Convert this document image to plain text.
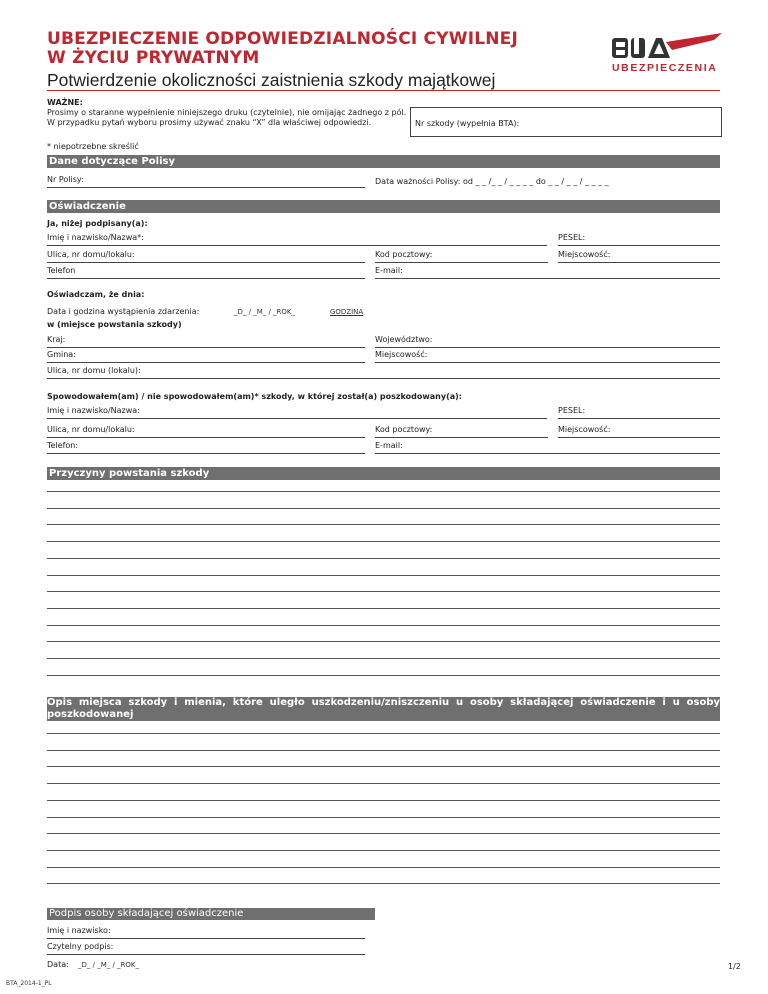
UBEZPIECZENIE ODPOWIEDZIALNOŚCI CYWILNEJ
W ŻYCIU PRYWATNYM
Potwierdzenie okoliczności zaistnienia szkody majątkowej
UBEZPIECZENIA
WAŻNE:
Prosimy o staranne wypełnienie niniejszego druku (czytelnie), nie omijając żadnego z pól.
W przypadku pytań wyboru prosimy używać znaku “X” dla właściwej odpowiedzi.	Nr szkody (wypełnia BTA):
* niepotrzebne skreślić
Dane dotyczące Polisy
Nr Polisy:	Data ważności Polisy: od _ _ /_ _ / _ _ _ _ do _ _ / _ _ / _ _ _ _
Oświadczenie
Ja, niżej podpisany(a):
Imię i nazwisko/Nazwa*:	PESEL:
Ulica, nr domu/lokalu:	Kod pocztowy:	Miejscowość:
Telefon	E-mail:
Oświadczam, że dnia:
Data i godzina wystąpienia zdarzenia:	_D_ / _M_ / _ROK_	GODZINA
w (miejsce powstania szkody)
Kraj:	Województwo:
Gmina:	Miejscowość:
Ulica, nr domu (lokalu):
Spowodowałem(am) / nie spowodowałem(am)* szkody, w której został(a) poszkodowany(a):
Imię i nazwisko/Nazwa:	PESEL:
Ulica, nr domu/lokalu:	Kod pocztowy:	Miejscowość:
Telefon:	E-mail:
Przyczyny powstania szkody
Opis miejsca szkody i mienia, które uległo uszkodzeniu/zniszczeniu u osoby składającej oświadczenie i u osoby poszkodowanej
Podpis osoby składającej oświadczenie
Imię i nazwisko:
Czytelny podpis:
Data: _D_ / _M_ / _ROK_	1/2
BTA_2014-1_PL
